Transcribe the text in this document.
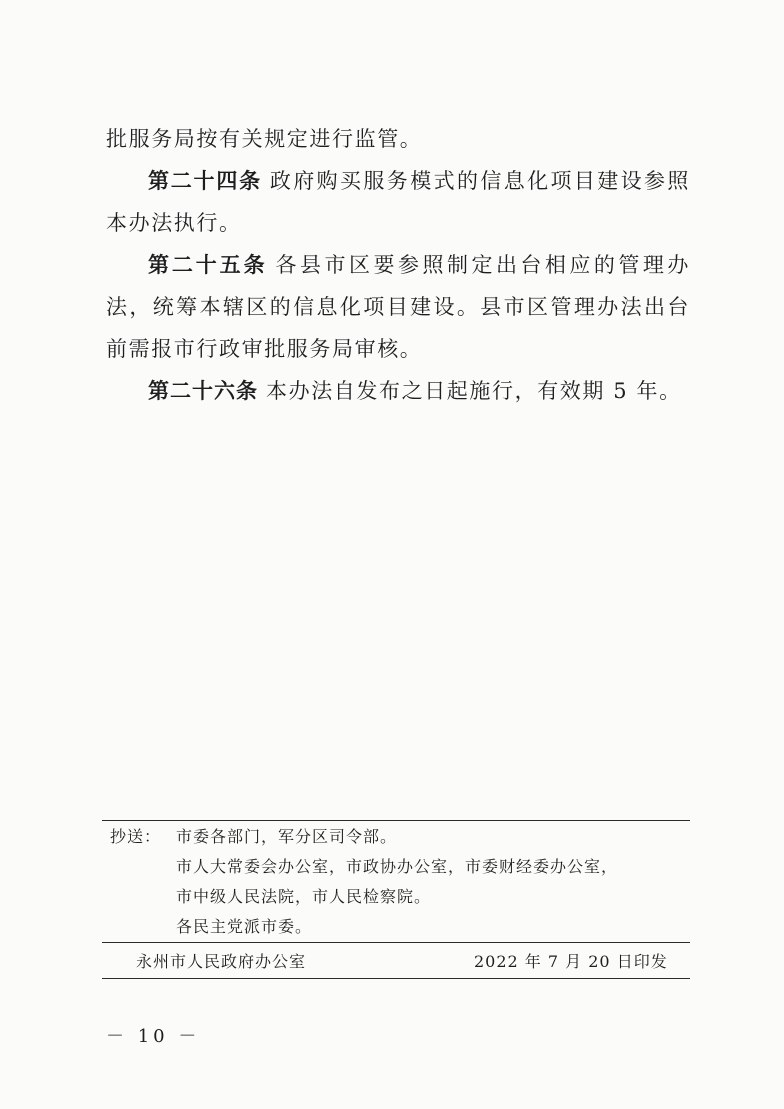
批服务局按有关规定进行监管。

第二十四条 政府购买服务模式的信息化项目建设参照本办法执行。

第二十五条 各县市区要参照制定出台相应的管理办法，统筹本辖区的信息化项目建设。县市区管理办法出台前需报市行政审批服务局审核。

第二十六条 本办法自发布之日起施行，有效期 5 年。

抄送： 市委各部门，军分区司令部。
市人大常委会办公室，市政协办公室，市委财经委办公室，
市中级人民法院，市人民检察院。
各民主党派市委。
永州市人民政府办公室	2022 年 7 月 20 日印发
－ 10 －
